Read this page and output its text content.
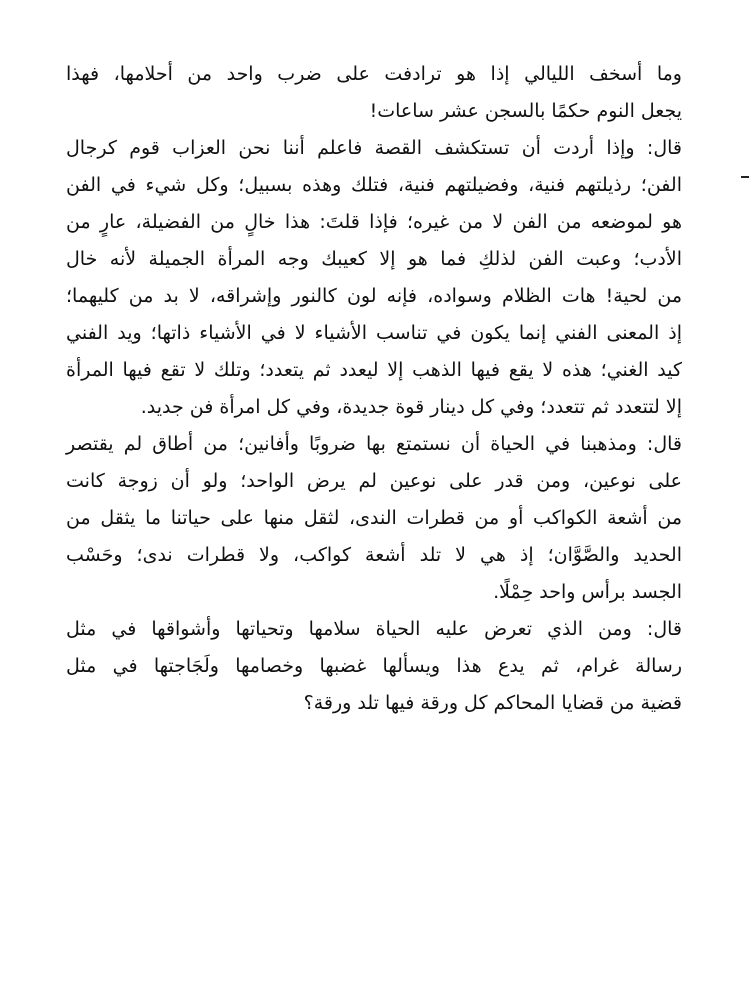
وما أسخف الليالي إذا هو ترادفت على ضرب واحد من أحلامها، فهذا
يجعل النوم حكمًا بالسجن عشر ساعات!
قال: وإذا أردت أن تستكشف القصة فاعلم أننا نحن العزاب قوم كرجال
الفن؛ رذيلتهم فنية، وفضيلتهم فنية، فتلك وهذه بسبيل؛ وكل شيء في الفن
هو لموضعه من الفن لا من غيره؛ فإذا قلتَ: هذا خالٍ من الفضيلة، عارٍ من
الأدب؛ وعبت الفن لذلكِ فما هو إلا كعيبك وجه المرأة الجميلة لأنه خال
من لحية! هات الظلام وسواده، فإنه لون كالنور وإشراقه، لا بد من كليهما؛
إذ المعنى الفني إنما يكون في تناسب الأشياء لا في الأشياء ذاتها؛ ويد الفني
كيد الغني؛ هذه لا يقع فيها الذهب إلا ليعدد ثم يتعدد؛ وتلك لا تقع فيها المرأة
إلا لتتعدد ثم تتعدد؛ وفي كل دينار قوة جديدة، وفي كل امرأة فن جديد.
قال: ومذهبنا في الحياة أن نستمتع بها ضروبًا وأفانين؛ من أطاق لم يقتصر
على نوعين، ومن قدر على نوعين لم يرض الواحد؛ ولو أن زوجة كانت
من أشعة الكواكب أو من قطرات الندى، لثقل منها على حياتنا ما يثقل من
الحديد والصَّوَّان؛ إذ هي لا تلد أشعة كواكب، ولا قطرات ندى؛ وحَسْب
الجسد برأس واحد حِمْلًا.
قال: ومن الذي تعرض عليه الحياة سلامها وتحياتها وأشواقها في مثل
رسالة غرام، ثم يدع هذا ويسألها غضبها وخصامها ولَجَاجتها في مثل
قضية من قضايا المحاكم كل ورقة فيها تلد ورقة؟
